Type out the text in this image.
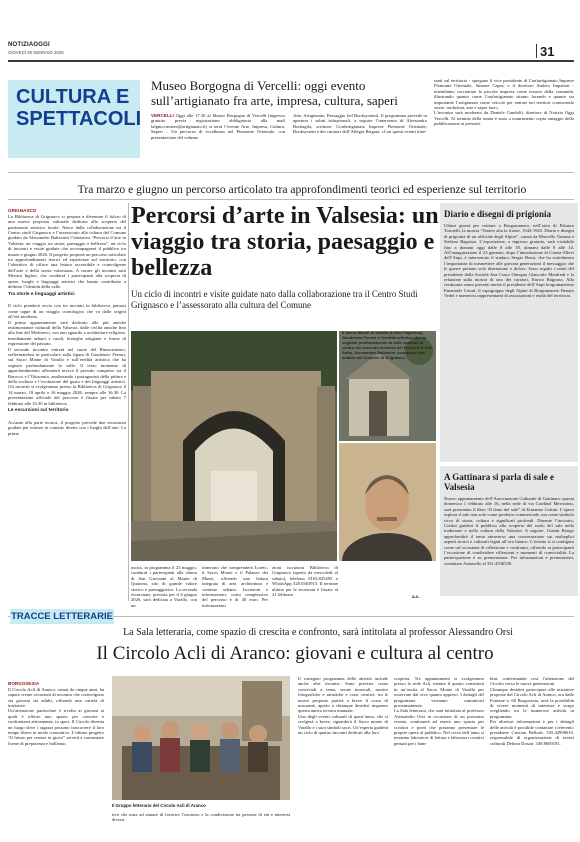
NOTIZIAOGGI
GIOVEDÌ 29 GENNAIO 2026	31
CULTURA E
SPETTACOLI
Museo Borgogna di Vercelli: oggi evento sull’artigianato fra arte, impresa, cultura, saperi
VERCELLI Oggi alle 17.30 al Museo Borgogna di Vercelli (ingresso gratuito previa registrazione obbligatoria alla mail lalgmcr.museo@artigianato.it) si terrà l’evento Arte, Impresa, Cultura, Saperi – Un percorso di eccellenza nel Piemonte Orientale, con presentazione del volume
Arte, Artigianato, Paesaggio (ed Booksystem). Il programma prevede in apertura i saluti istituzionali, a seguire l’intervento di Alessandro Borbaglia, scrittore; Confartigianato Imprese Piemonte Orientale; Booksystem e dei curatori dell’Allegra Brigata. «Con questi eventi itine-
ranti sul territorio - spiegano il vice presidente di Confartigianato Imprese Piemonte Orientale, Simone Capra, e il direttore Amleto Impaloni - intendiamo raccontare la piccola impresa come tessuto della comunità, illustrando quanto come Confartigianato stiamo facendo e quanto sia importante l’artigianato come veicolo per entrare nei territori conoscendo storie, tradizioni, arte e saper fare».
L’incontro sarà moderato da Daniele Gandolfi, direttore di Notizia Oggi Vercelli. Al termine della serata è stato a esaurimento copia omaggio della pubblicazione ai presenti.
Tra marzo e giugno un percorso articolato tra approfondimenti teorici ed esperienze sul territorio

GRIGNASCO
La Biblioteca di Grignasco si prepara a diventare il fulcro di una nuova proposta culturale dedicata alla scoperta del patrimonio artistico locale. Nasce dalla collaborazione tra il Centro studi Grignasco e l’assessorato alla cultura del Comune guidato da Alessandro Baltzarini l’iniziativa “Percorsi d’arte in Valsesia: un viaggio tra storia, paesaggio e bellezza”, un ciclo di incontri e visite guidate che accompagnerà il pubblico tra marzo e giugno 2026. Il progetto propone un percorso articolato tra approfondimenti teorici ed esperienze sul territorio, con l’obiettivo di offrire una lettura accessibile e coinvolgente dell’arte e della storia valsesiana. A curare gli incontri sarà Monica Ingleri, che condurrà i partecipanti alla scoperta di opere, luoghi e linguaggi artistici che hanno contribuito a definire l’identità della valle.

Tra storie e linguaggi artistici

Il ciclo prenderà avvio con tre incontri in biblioteca, pensati come tappe di un viaggio cronologico che va dalle origini all’età moderna.
Il primo appuntamento sarà dedicato alle più antiche testimonianze culturali della Valsesia, dalle civiltà antiche fino alla fine del Medioevo, con uno sguardo a architetture religiose, insediamenti urbani e rurali, botteghe artigiane e forme di espressione del passato.
Il secondo incontro entrerà nel cuore del Rinascimento, soffermandosi in particolare sulla figura di Gaudenzio Ferrari, sul Sacro Monte di Varallo e sull’eredità artistica che ha segnato profondamente la valle. Il terzo momento di approfondimento affronterà invece il periodo compreso tra il Barocco e l’Ottocento, analizzando i protagonisti della pittura e della scultura e l’evoluzione del gusto e dei linguaggi artistici. Gli incontri si svolgeranno presso la Biblioteca di Grignasco il 14 marzo, 18 aprile e 16 maggio 2026, sempre alle 16.30. La presentazione ufficiale del percorso è fissata per sabato 7 febbraio alle 16.30 in biblioteca.

Le escursioni sul territorio

Accanto alla parte teorica, il progetto prevede due escursioni guidate per entrare in contatto diretto con i luoghi dell’arte. La prima

Percorsi d’arte in Valsesia: un viaggio tra storia, paesaggio e bellezza
Un ciclo di incontri e visite guidate nato dalla collaborazione tra il Centro Studi Grignasco e l’assessorato alla cultura del Comune
Il Sacro Monte di Varallo (a lato l’ingresso), Gaudenzio Ferrari e l’eredità artistica che ha segnato profondamente la valle saranno al centro del secondo incontro dei Percorsi d’Arte. Sotto, Alessandro Baltzarini, assessore alla cultura del Comune di Grignasco
uscita, in programma il 23 maggio, condurrà i partecipanti alla chiesa di San Giovanni al Monte di Quarona, sito di grande valore storico e paesaggistico. La seconda escursione, prevista per il 6 giugno 2026, sarà dedicata a Varallo, con un
itinerario che comprenderà Loreto, il Sacro Monte e il Palazzo dei Musei, offrendo una lettura integrata di arte, architettura e contesto urbano. Iscrizioni e informazioni: costo complessivo del percorso è di 40 euro. Per informazioni
zioni iscrizioni Biblioteca di Grignasco (aperta da mercoledì al sabato), telefono 0163.825495 o WhatsApp 328.0363915. Il termine ultimo per le iscrizioni è fissato al 21 febbraio.	a.c.
Diario e disegni di prigionia
Ultimi giorni per visitare a Borgomanero, nell’atrio di Palazzo Tornielli, la mostra “Tenere alta la fronte. 1943-1945. Diario e disegni di prigionia di un ufficiale degli Alpini”, curata da Marcello Vanaria e Stefano Ragozza. L’esposizione, a ingresso gratuito, sarà visitabile fino a domani oggi dalle 8 alle 18, domani dalle 8 alle 14. All’inaugurazione il 23 gennaio, dopo l’introduzione di Cinzia Allevi dell’Anpi, è intervenuto il sindaco Sergio Bossi, che ha sottolineato l’importanza di trasmettere alle giovani generazioni il messaggio che le guerre portano solo distruzione e dolore. Sono seguiti i saluti del presidente della Società Ana Cusio Omegna Giancarlo Manfredi e la relazione sulla mostra di uno dei curatori, Enrico Ragozza. Alla cerimonia erano presenti anche il presidente dell’Anpi borgomanerese Emanuele Ceruti, il capogruppo degli Alpini di Borgomanero Renato Vedel e numerosi rappresentanti di associazioni e realtà del territorio.
A Gattinara si parla di sale e Valsesia
Nuovo appuntamento dell’Associazione Culturale di Gattinara: questa domenica 1 febbraio alle 16, nella sede di via Cardinal Mercurino, sarà presentato il libro “Il dono del sale” di Ermanno Cottini. L’opera esplora il sale non solo come prodotto commerciale, ma come simbolo ricco di storia, cultura e significati profondi. Durante l’incontro, Cottini guiderà il pubblico alla scoperta del ruolo del sale nella tradizione e nella cultura della Valsesia. A seguire, Gianni Rongo approfondirà il tema attraverso una conversazione sui molteplici aspetti storici e culturali legati all’oro bianco. L’evento si si configura come un’occasione di riflessione e confronto, offrendo ai partecipanti l’occasione di condividere riflessioni e momenti di convivialità. La partecipazione è su prenotazione. Per informazioni e prenotazioni, contattare Antonello al 331.4536539.
TRACCE LETTERARIE
La Sala letteraria, come spazio di crescita e confronto, sarà intitolata al professor Alessandro Orsi
Il Circolo Acli di Aranco: giovani e cultura al centro

BORGOSESIA
Il Circolo Acli di Aranco, ormai da cinque anni, ha saputo creare occasioni di incontro che coinvolgono sia giovani sia adulti, offrendo una varietà di iniziative.
Un’attenzione particolare è rivolta ai giovani ai quali è offerto uno spazio per crescere e confrontarsi attivamente, in sport. Il Circolo diventa un luogo dove i ragazzi possono trascorrere il loro tempo libero in modo costruttivo. L’ultimo progetto “Il futuro per restare in gioco” servirà a contrastare forme di prepotenza e bullismo.

Il Gruppo letterario del Circolo Acli di Aranco
tivo che mira ad aiutare di favorire l’incontro e la condivisione tra persone di età e interessi diversi.
Il variegato programma delle attività include anche altri incontri: Sono previste come conviviali a tema, serate musicali, mostre fotografiche e artistiche e corsi creativi; tra le nuove proposte partirà a breve il corso di macramè, aperto a chiunque desideri imparare questa antica tecnica manuale.
Uno degli eventi culturali di quest’anno, che si svolgerà a breve, riguarderà il Sacro monte di Varallo e i suoi simboli sacri. Un’esperta guiderà un ciclo di quattro incontri dedicati alla loro
scoperta. Tre appuntamenti si svolgeranno presso la sede Acli, mentre il quarto consisterà in un’uscita al Sacro Monte di Varallo per osservare dal vivo quanto appreso. I dettagli del programma verranno comunicati prossimamente.
La Sala letteraria, che sarà intitolata al professor Alessandro Orsi in occasione di un prossimo evento, continuerà ad essere uno spazio per scrittori e poeti che potranno presentare le proprie opere al pubblico. Nel corso dell’anno si terranno laboratori di lettura e laboratori creativi pensati per i bam-
bini, confermando così l’attenzione del Circolo verso le nuove generazioni.
Chiunque desideri partecipare alle iniziative proposte dal Circolo Acli di Aranco, ora dalle Fontane n. 60 Borgosesia, avrà la possibilità di vivere momenti di interesse e svago scegliendo tra le numerose attività in programma.
Per ulteriori informazioni e per i dettagli delle attività è possibile contattare i referenti: presidente Cristian Bellotti: 335.42998610, responsabile di organizzazione di eventi culturali Debora Dosati: 349.8600181.
